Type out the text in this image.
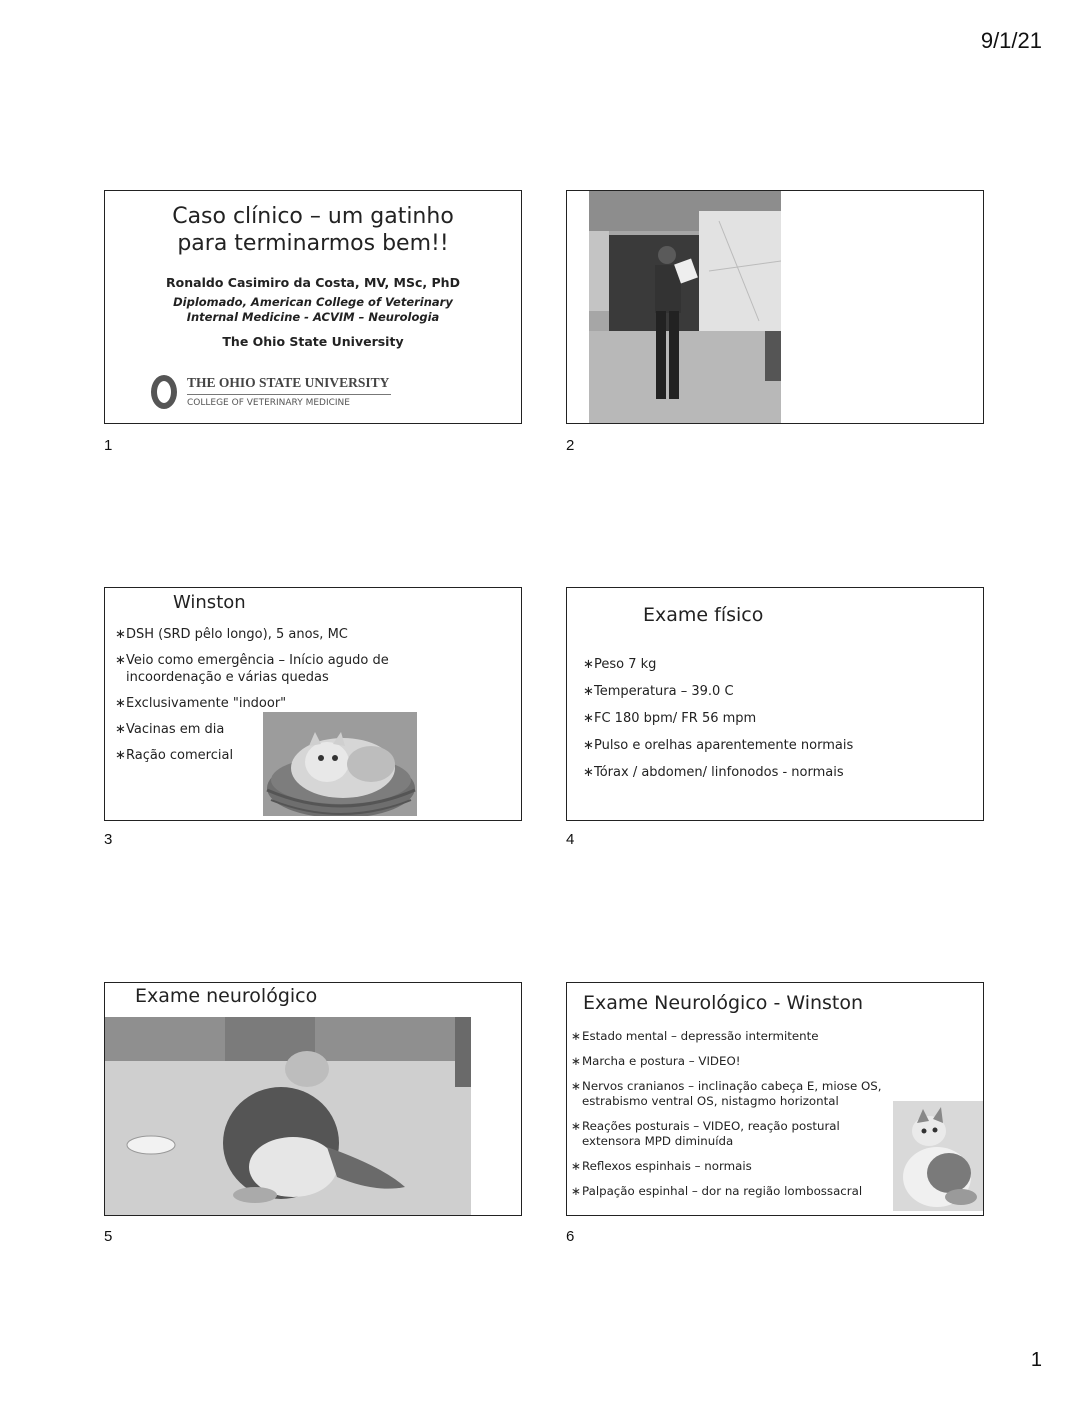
9/1/21
Caso clínico – um gatinho
para terminarmos bem!!
Ronaldo Casimiro da Costa, MV, MSc, PhD
Diplomado, American College of Veterinary
Internal Medicine - ACVIM – Neurologia
The Ohio State University
THE OHIO STATE UNIVERSITY
COLLEGE OF VETERINARY MEDICINE
1	2
Winston
∗ DSH (SRD pêlo longo), 5 anos, MC
∗ Veio como emergência – Início agudo de incoordenação e várias quedas
∗ Exclusivamente "indoor"
∗ Vacinas em dia
∗ Ração comercial
3
Exame físico
∗ Peso 7 kg
∗ Temperatura – 39.0 C
∗ FC 180 bpm/ FR 56 mpm
∗ Pulso e orelhas aparentemente normais
∗ Tórax / abdomen/ linfonodos - normais
4
Exame neurológico
5
Exame Neurológico - Winston
∗ Estado mental – depressão intermitente
∗ Marcha e postura – VIDEO!
∗ Nervos cranianos – inclinação cabeça E, miose OS, estrabismo ventral OS, nistagmo horizontal
∗ Reações posturais – VIDEO, reação postural extensora MPD diminuída
∗ Reflexos espinhais – normais
∗ Palpação espinhal – dor na região lombossacral
6
1
